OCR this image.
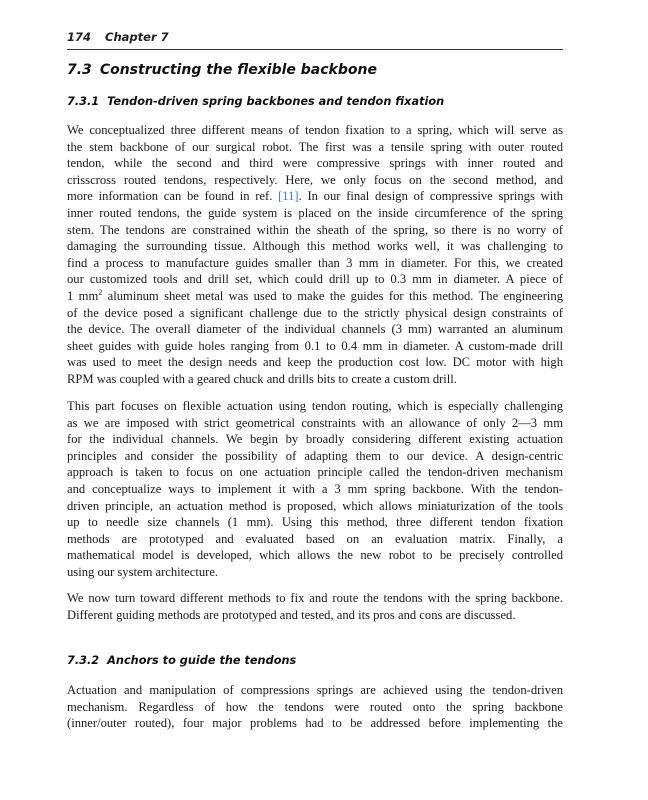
174 Chapter 7
7.3 Constructing the flexible backbone
7.3.1 Tendon-driven spring backbones and tendon fixation
We conceptualized three different means of tendon fixation to a spring, which will serve as
the stem backbone of our surgical robot. The first was a tensile spring with outer routed
tendon, while the second and third were compressive springs with inner routed and
crisscross routed tendons, respectively. Here, we only focus on the second method, and
more information can be found in ref. [11]. In our final design of compressive springs with
inner routed tendons, the guide system is placed on the inside circumference of the spring
stem. The tendons are constrained within the sheath of the spring, so there is no worry of
damaging the surrounding tissue. Although this method works well, it was challenging to
find a process to manufacture guides smaller than 3 mm in diameter. For this, we created
our customized tools and drill set, which could drill up to 0.3 mm in diameter. A piece of
1 $mm^2$ aluminum sheet metal was used to make the guides for this method. The engineering
of the device posed a significant challenge due to the strictly physical design constraints of
the device. The overall diameter of the individual channels (3 mm) warranted an aluminum
sheet guides with guide holes ranging from 0.1 to 0.4 mm in diameter. A custom-made drill
was used to meet the design needs and keep the production cost low. DC motor with high
RPM was coupled with a geared chuck and drills bits to create a custom drill.
This part focuses on flexible actuation using tendon routing, which is especially challenging
as we are imposed with strict geometrical constraints with an allowance of only 2—3 mm
for the individual channels. We begin by broadly considering different existing actuation
principles and consider the possibility of adapting them to our device. A design-centric
approach is taken to focus on one actuation principle called the tendon-driven mechanism
and conceptualize ways to implement it with a 3 mm spring backbone. With the tendon-
driven principle, an actuation method is proposed, which allows miniaturization of the tools
up to needle size channels (1 mm). Using this method, three different tendon fixation
methods are prototyped and evaluated based on an evaluation matrix. Finally, a
mathematical model is developed, which allows the new robot to be precisely controlled
using our system architecture.
We now turn toward different methods to fix and route the tendons with the spring backbone.
Different guiding methods are prototyped and tested, and its pros and cons are discussed.
7.3.2 Anchors to guide the tendons
Actuation and manipulation of compressions springs are achieved using the tendon-driven
mechanism. Regardless of how the tendons were routed onto the spring backbone
(inner/outer routed), four major problems had to be addressed before implementing the
